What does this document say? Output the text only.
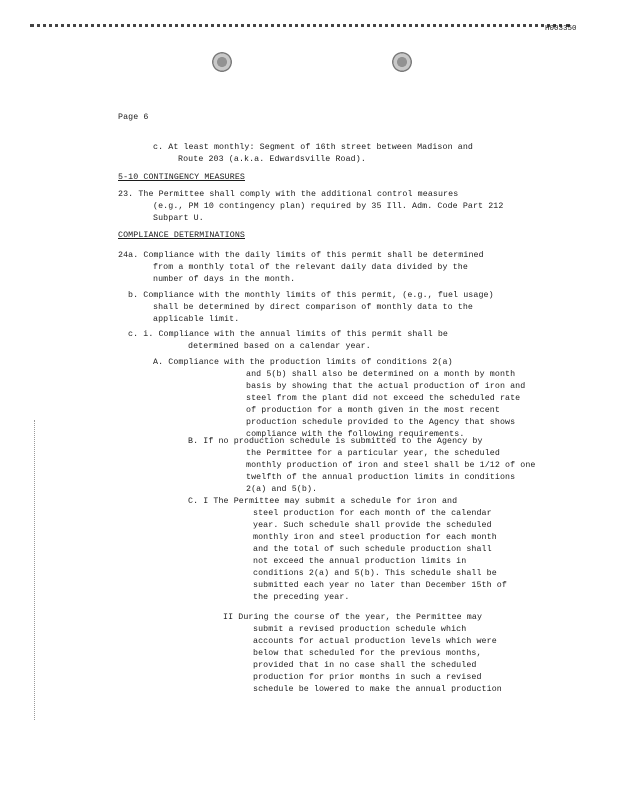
H003350
Page 6
c. At least monthly: Segment of 16th street between Madison and
Route 203 (a.k.a. Edwardsville Road).
5-10 CONTINGENCY MEASURES
23. The Permittee shall comply with the additional control measures
(e.g., PM 10 contingency plan) required by 35 Ill. Adm. Code Part 212
Subpart U.
COMPLIANCE DETERMINATIONS
24a. Compliance with the daily limits of this permit shall be determined
from a monthly total of the relevant daily data divided by the
number of days in the month.
b. Compliance with the monthly limits of this permit, (e.g., fuel usage)
shall be determined by direct comparison of monthly data to the
applicable limit.
c. i. Compliance with the annual limits of this permit shall be
determined based on a calendar year.
A. Compliance with the production limits of conditions 2(a)
and 5(b) shall also be determined on a month by month
basis by showing that the actual production of iron and
steel from the plant did not exceed the scheduled rate
of production for a month given in the most recent
production schedule provided to the Agency that shows
compliance with the following requirements.
B. If no production schedule is submitted to the Agency by
the Permittee for a particular year, the scheduled
monthly production of iron and steel shall be 1/12 of one
twelfth of the annual production limits in conditions
2(a) and 5(b).
C. I The Permittee may submit a schedule for iron and
steel production for each month of the calendar
year. Such schedule shall provide the scheduled
monthly iron and steel production for each month
and the total of such schedule production shall
not exceed the annual production limits in
conditions 2(a) and 5(b). This schedule shall be
submitted each year no later than December 15th of
the preceding year.
II During the course of the year, the Permittee may
submit a revised production schedule which
accounts for actual production levels which were
below that scheduled for the previous months,
provided that in no case shall the scheduled
production for prior months in such a revised
schedule be lowered to make the annual production
